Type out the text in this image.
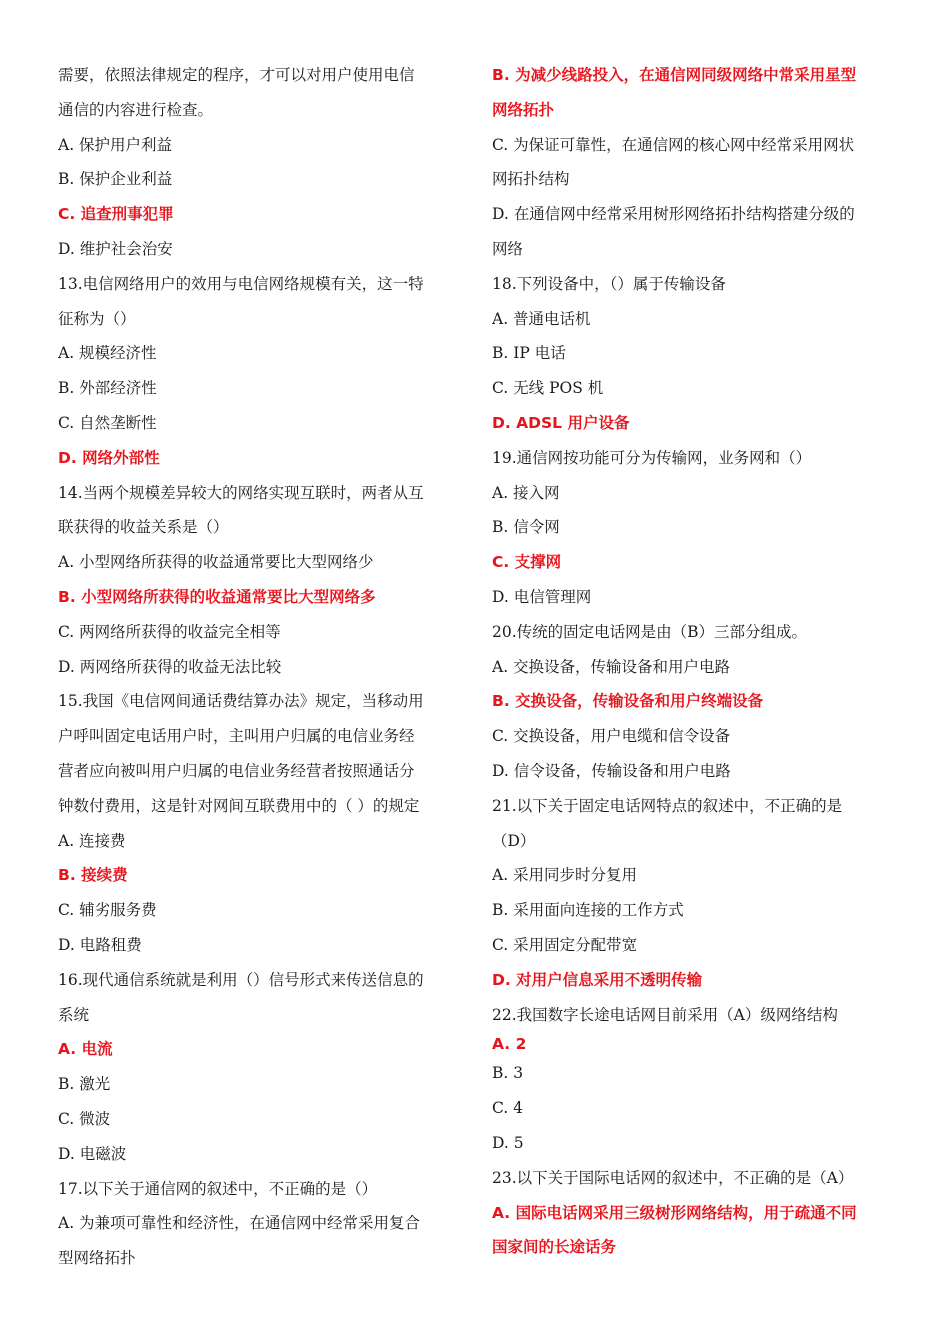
需要，依照法律规定的程序，才可以对用户使用电信
通信的内容进行检查。
A. 保护用户利益
B. 保护企业利益
C. 追查刑事犯罪
D. 维护社会治安
13.电信网络用户的效用与电信网络规模有关，这一特
征称为（）
A. 规模经济性
B. 外部经济性
C. 自然垄断性
D. 网络外部性
14.当两个规模差异较大的网络实现互联时，两者从互
联获得的收益关系是（）
A. 小型网络所获得的收益通常要比大型网络少
B. 小型网络所获得的收益通常要比大型网络多
C. 两网络所获得的收益完全相等
D. 两网络所获得的收益无法比较
15.我国《电信网间通话费结算办法》规定，当移动用
户呼叫固定电话用户时，主叫用户归属的电信业务经
营者应向被叫用户归属的电信业务经营者按照通话分
钟数付费用，这是针对网间互联费用中的（ ）的规定
A. 连接费
B. 接续费
C. 辅劣服务费
D. 电路租费
16.现代通信系统就是利用（）信号形式来传送信息的
系统
A. 电流
B. 激光
C. 微波
D. 电磁波
17.以下关于通信网的叙述中，不正确的是（）
A. 为兼项可靠性和经济性，在通信网中经常采用复合
型网络拓扑
B. 为减少线路投入，在通信网同级网络中常采用星型
网络拓扑
C. 为保证可靠性，在通信网的核心网中经常采用网状
网拓扑结构
D. 在通信网中经常采用树形网络拓扑结构搭建分级的
网络
18.下列设备中，（）属于传输设备
A. 普通电话机
B. IP 电话
C. 无线 POS 机
D. ADSL 用户设备
19.通信网按功能可分为传输网，业务网和（）
A. 接入网
B. 信令网
C. 支撑网
D. 电信管理网
20.传统的固定电话网是由（B）三部分组成。
A. 交换设备，传输设备和用户电路
B. 交换设备，传输设备和用户终端设备
C. 交换设备，用户电缆和信令设备
D. 信令设备，传输设备和用户电路
21.以下关于固定电话网特点的叙述中，不正确的是
（D）
A. 采用同步时分复用
B. 采用面向连接的工作方式
C. 采用固定分配带宽
D. 对用户信息采用不透明传输
22.我国数字长途电话网目前采用（A）级网络结构
A. 2
B. 3
C. 4
D. 5
23.以下关于国际电话网的叙述中，不正确的是（A）
A. 国际电话网采用三级树形网络结构，用于疏通不同
国家间的长途话务
